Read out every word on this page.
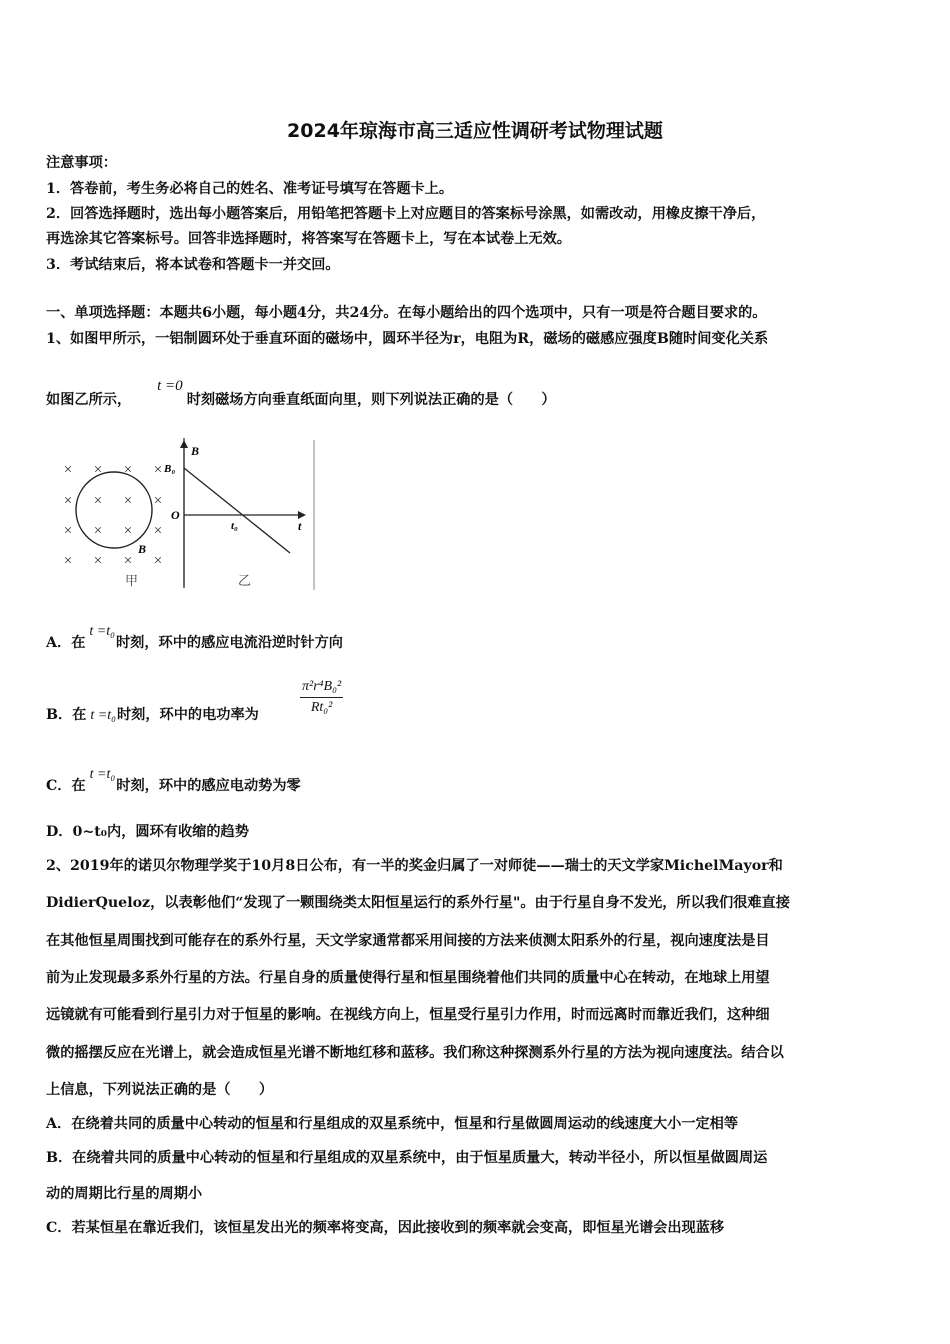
2024年琼海市高三适应性调研考试物理试题
注意事项：
1．答卷前，考生务必将自己的姓名、准考证号填写在答题卡上。
2．回答选择题时，选出每小题答案后，用铅笔把答题卡上对应题目的答案标号涂黑，如需改动，用橡皮擦干净后，
再选涂其它答案标号。回答非选择题时，将答案写在答题卡上，写在本试卷上无效。
3．考试结束后，将本试卷和答题卡一并交回。
一、单项选择题：本题共6小题，每小题4分，共24分。在每小题给出的四个选项中，只有一项是符合题目要求的。
1、如图甲所示，一铝制圆环处于垂直环面的磁场中，圆环半径为r，电阻为R，磁场的磁感应强度B随时间变化关系
如图乙所示，t =0时刻磁场方向垂直纸面向里，则下列说法正确的是（　　）
× × × ×
× × × ×
× × × ×
× × × ×
B
甲
B
t
O
B₀
t₀
乙
A．在t =t₀时刻，环中的感应电流沿逆时针方向
B．在 t =t₀时刻，环中的电功率为	$\frac{\text{π²r⁴B₀²}}{\text{Rt₀²}}$
C．在t =t₀时刻，环中的感应电动势为零
D．0~t₀内，圆环有收缩的趋势
2、2019年的诺贝尔物理学奖于10月8日公布，有一半的奖金归属了一对师徒——瑞士的天文学家MichelMayor和
DidierQueloz，以表彰他们“发现了一颗围绕类太阳恒星运行的系外行星"。由于行星自身不发光，所以我们很难直接
在其他恒星周围找到可能存在的系外行星，天文学家通常都采用间接的方法来侦测太阳系外的行星，视向速度法是目
前为止发现最多系外行星的方法。行星自身的质量使得行星和恒星围绕着他们共同的质量中心在转动，在地球上用望
远镜就有可能看到行星引力对于恒星的影响。在视线方向上，恒星受行星引力作用，时而远离时而靠近我们，这种细
微的摇摆反应在光谱上，就会造成恒星光谱不断地红移和蓝移。我们称这种探测系外行星的方法为视向速度法。结合以
上信息，下列说法正确的是（　　）
A．在绕着共同的质量中心转动的恒星和行星组成的双星系统中，恒星和行星做圆周运动的线速度大小一定相等
B．在绕着共同的质量中心转动的恒星和行星组成的双星系统中，由于恒星质量大，转动半径小，所以恒星做圆周运
动的周期比行星的周期小
C．若某恒星在靠近我们，该恒星发出光的频率将变高，因此接收到的频率就会变高，即恒星光谱会出现蓝移
